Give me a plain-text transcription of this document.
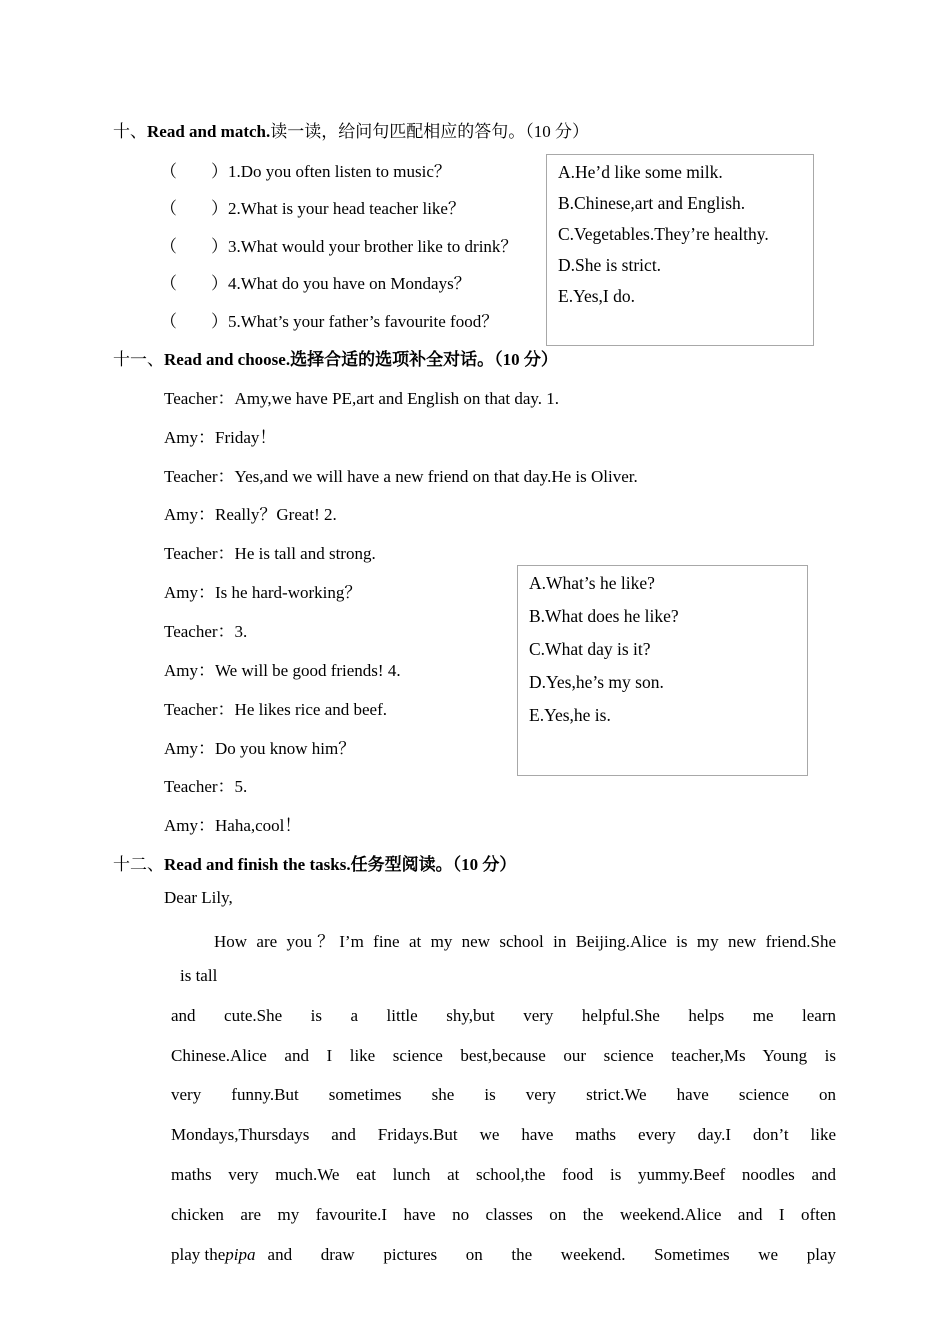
十、Read and match.读一读，给问句匹配相应的答句。（10 分）
（　　）1.Do you often listen to music？
（　　）2.What is your head teacher like？
（　　）3.What would your brother like to drink？
（　　）4.What do you have on Mondays？
（　　）5.What’s your father’s favourite food？
A.He’d like some milk.
B.Chinese,art and English.
C.Vegetables.They’re healthy.
D.She is strict.
E.Yes,I do.
十一、Read and choose.选择合适的选项补全对话。（10 分）
Teacher：Amy,we have PE,art and English on that day. 1.
Amy：Friday！
Teacher：Yes,and we will have a new friend on that day.He is Oliver.
Amy：Really？Great! 2.
Teacher：He is tall and strong.
Amy：Is he hard-working？
Teacher：3.
Amy：We will be good friends! 4.
Teacher：He likes rice and beef.
Amy：Do you know him？
Teacher：5.
Amy：Haha,cool！
A.What’s he like?
B.What does he like?
C.What day is it?
D.Yes,he’s my son.
E.Yes,he is.
十二、Read and finish the tasks.任务型阅读。（10 分）
Dear Lily,
How are you？I’m fine at my new school in Beijing.Alice is my new friend.She
is tall
and cute.She is a little shy,but very helpful.She helps me learn
Chinese.Alice and I like science best,because our science teacher,Ms Young is
very funny.But sometimes she is very strict.We have science on
Mondays,Thursdays and Fridays.But we have maths every day.I don’t like
maths very much.We eat lunch at school,the food is yummy.Beef noodles and
chicken are my favourite.I have no classes on the weekend.Alice and I often
play the pipa and draw pictures on the weekend. Sometimes we play
